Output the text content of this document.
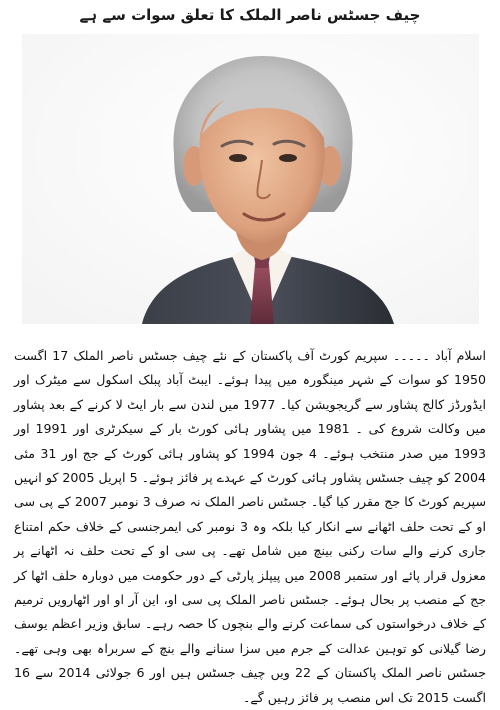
چیف جسٹس ناصر الملک کا تعلق سوات سے ہے
اسلام آباد ۔۔۔۔۔ سپریم کورٹ آف پاکستان کے نئے چیف جسٹس ناصر الملک 17 اگست 1950 کو سوات کے شہر مینگورہ میں پیدا ہوئے۔ ایبٹ آباد پبلک اسکول سے میٹرک اور ایڈورڈز کالج پشاور سے گریجویشن کیا۔ 1977 میں لندن سے بار ایٹ لا کرنے کے بعد پشاور میں وکالت شروع کی ۔ 1981 میں پشاور ہائی کورٹ بار کے سیکرٹری اور 1991 اور 1993 میں صدر منتخب ہوئے۔ 4 جون 1994 کو پشاور ہائی کورٹ کے جج اور 31 مئی 2004 کو چیف جسٹس پشاور ہائی کورٹ کے عہدے پر فائز ہوئے۔ 5 اپریل 2005 کو انہیں سپریم کورٹ کا جج مقرر کیا گیا۔ جسٹس ناصر الملک نہ صرف 3 نومبر 2007 کے پی سی او کے تحت حلف اٹھانے سے انکار کیا بلکہ وہ 3 نومبر کی ایمرجنسی کے خلاف حکم امتناع جاری کرنے والے سات رکنی بینچ میں شامل تھے۔ پی سی او کے تحت حلف نہ اٹھانے پر معزول قرار پائے اور ستمبر 2008 میں پیپلز پارٹی کے دور حکومت میں دوبارہ حلف اٹھا کر جج کے منصب پر بحال ہوئے۔ جسٹس ناصر الملک پی سی او، این آر او اور اٹھارویں ترمیم کے خلاف درخواستوں کی سماعت کرنے والے بنچوں کا حصہ رہے۔ سابق وزیر اعظم یوسف رضا گیلانی کو توہین عدالت کے جرم میں سزا سنانے والے بنچ کے سربراہ بھی وہی تھے۔ جسٹس ناصر الملک پاکستان کے 22 ویں چیف جسٹس ہیں اور 6 جولائی 2014 سے 16 اگست 2015 تک اس منصب پر فائز رہیں گے۔
